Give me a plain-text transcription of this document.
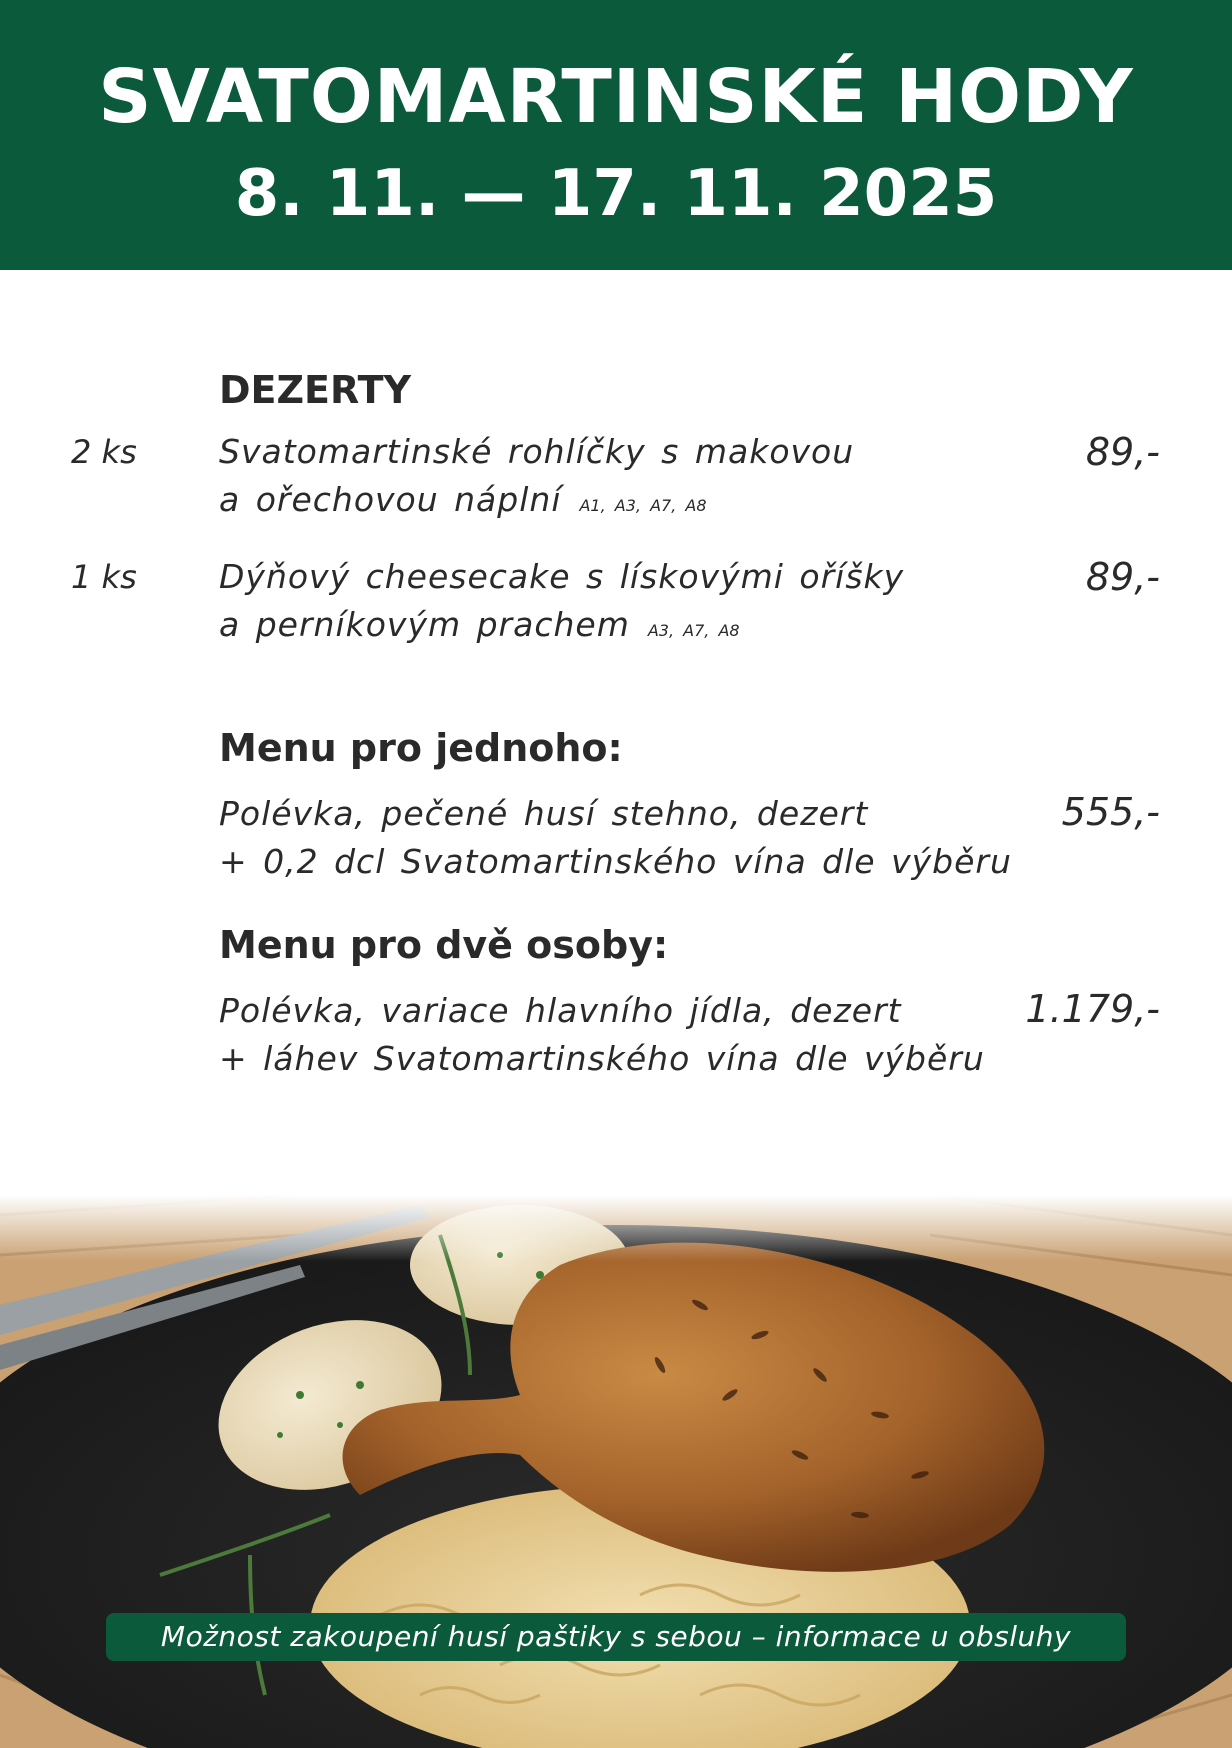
SVATOMARTINSKÉ HODY
8. 11. — 17. 11. 2025
DEZERTY
2 ks Svatomartinské rohlíčky s makovou
a ořechovou náplní A1, A3, A7, A8
89,-
1 ks Dýňový cheesecake s lískovými oříšky
a perníkovým prachem A3, A7, A8
89,-
Menu pro jednoho:
Polévka, pečené husí stehno, dezert
+ 0,2 dcl Svatomartinského vína dle výběru
555,-
Menu pro dvě osoby:
Polévka, variace hlavního jídla, dezert
+ láhev Svatomartinského vína dle výběru
1.179,-
Možnost zakoupení husí paštiky s sebou – informace u obsluhy
